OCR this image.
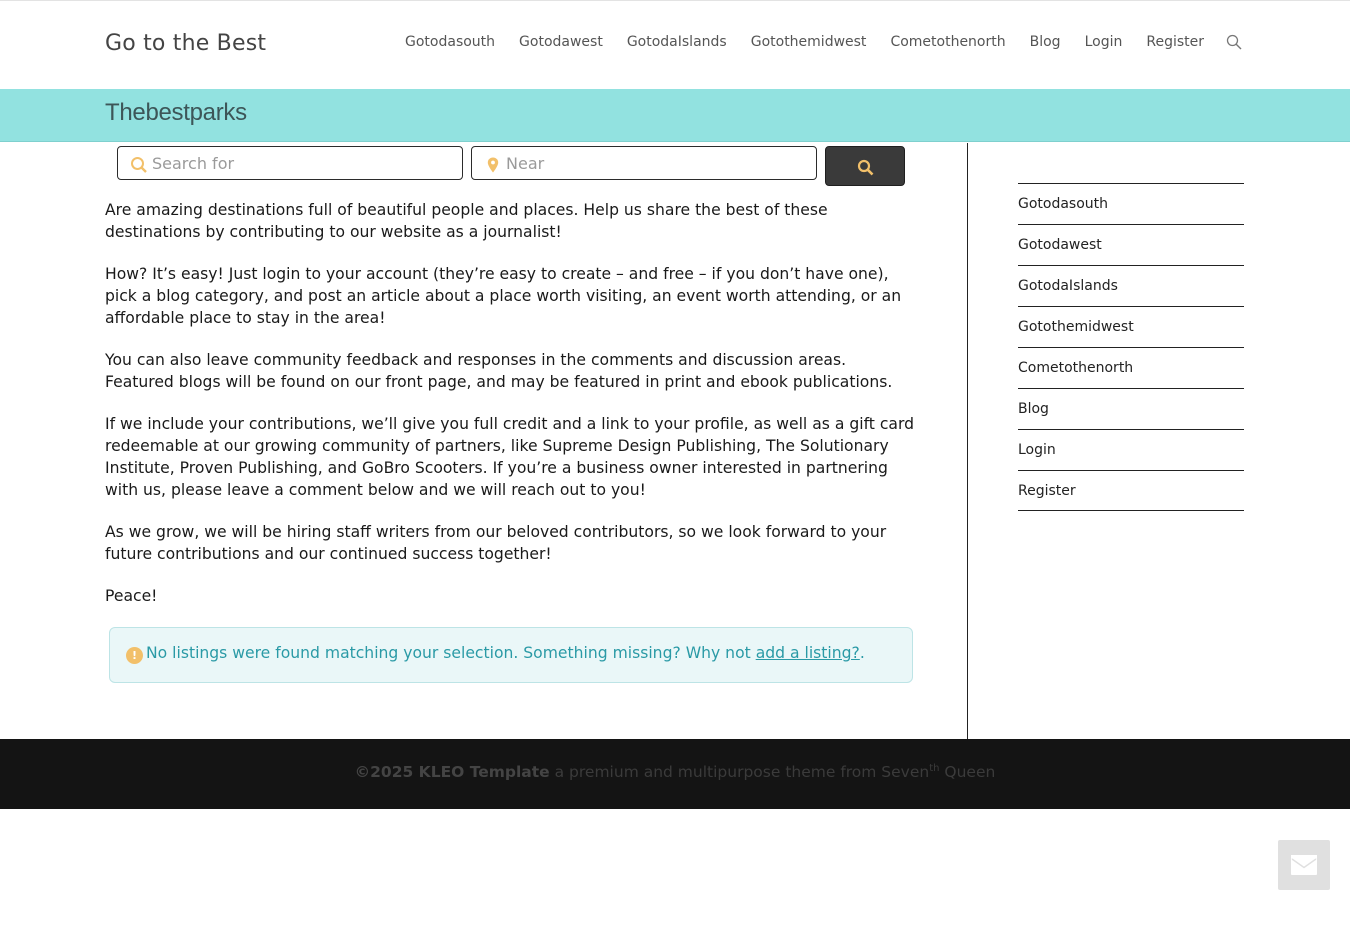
Go to the Best	Gotodasouth Gotodawest GotodaIslands Gotothemidwest Cometothenorth Blog Login Register
Thebestparks
Search for
Near

Are amazing destinations full of beautiful people and places. Help us share the best of these destinations by contributing to our website as a journalist!

How? It’s easy! Just login to your account (they’re easy to create – and free – if you don’t have one), pick a blog category, and post an article about a place worth visiting, an event worth attending, or an affordable place to stay in the area!

You can also leave community feedback and responses in the comments and discussion areas. Featured blogs will be found on our front page, and may be featured in print and ebook publications.

If we include your contributions, we’ll give you full credit and a link to your profile, as well as a gift card redeemable at our growing community of partners, like Supreme Design Publishing, The Solutionary Institute, Proven Publishing, and GoBro Scooters. If you’re a business owner interested in partnering with us, please leave a comment below and we will reach out to you!

As we grow, we will be hiring staff writers from our beloved contributors, so we look forward to your future contributions and our continued success together!

Peace!

! No listings were found matching your selection. Something missing? Why not add a listing?.
Gotodasouth
Gotodawest
GotodaIslands
Gotothemidwest
Cometothenorth
Blog
Login
Register
©2025 KLEO Template a premium and multipurpose theme from Seven$^{th}$ Queen
